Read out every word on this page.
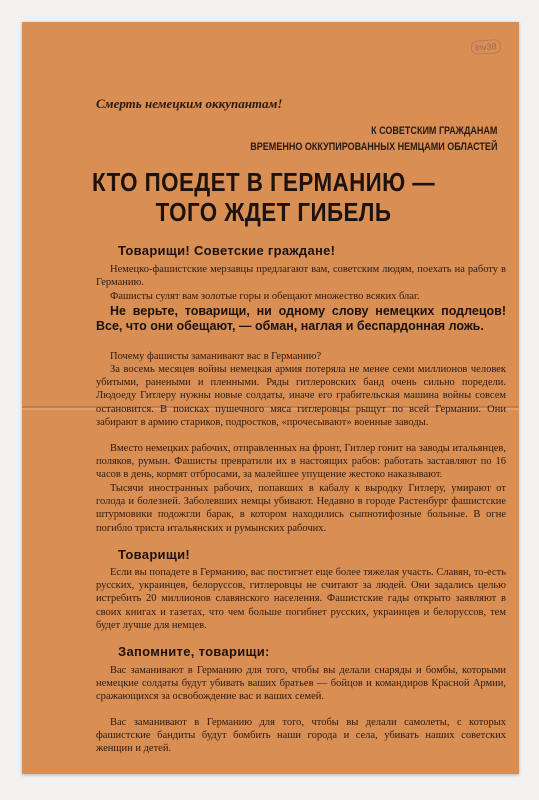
lnv38
Смерть немецким оккупантам!
К СОВЕТСКИМ ГРАЖДАНАМ
ВРЕМЕННО ОККУПИРОВАННЫХ НЕМЦАМИ ОБЛАСТЕЙ
КТО ПОЕДЕТ В ГЕРМАНИЮ —
ТОГО ЖДЕТ ГИБЕЛЬ
Товарищи! Советские граждане!

Немецко-фашистские мерзавцы предлагают вам, советским людям, поехать на работу в Германию.

Фашисты сулят вам золотые горы и обещают множество всяких благ.

Не верьте, товарищи, ни одному слову немецких подлецов! Все, что они обещают, — обман, наглая и беспардонная ложь.

Почему фашисты заманивают вас в Германию?

За восемь месяцев войны немецкая армия потеряла не менее семи миллионов человек убитыми, ранеными и пленными. Ряды гитлеровских банд очень сильно поредели. Людоеду Гитлеру нужны новые солдаты, иначе его грабительская машина войны совсем остановится. В поисках пушечного мяса гитлеровцы рыщут по всей Германии. Они забирают в армию стариков, подростков, «прочесывают» военные заводы.

Вместо немецких рабочих, отправленных на фронт, Гитлер гонит на заводы итальянцев, поляков, румын. Фашисты превратили их в настоящих рабов: работать заставляют по 16 часов в день, кормят отбросами, за малейшее упущение жестоко наказывают.

Тысячи иностранных рабочих, попавших в кабалу к выродку Гитлеру, умирают от голода и болезней. Заболевших немцы убивают. Недавно в городе Растенбург фашистские штурмовики подожгли барак, в котором находились сыпнотифозные больные. В огне погибло триста итальянских и румынских рабочих.

Товарищи!

Если вы попадете в Германию, вас постигнет еще более тяжелая участь. Славян, то-есть русских, украинцев, белоруссов, гитлеровцы не считают за людей. Они задались целью истребить 20 миллионов славянского населения. Фашистские гады открыто заявляют в своих книгах и газетах, что чем больше погибнет русских, украинцев и белоруссов, тем будет лучше для немцев.

Запомните, товарищи:

Вас заманивают в Германию для того, чтобы вы делали снаряды и бомбы, которыми немецкие солдаты будут убивать ваших братьев — бойцов и командиров Красной Армии, сражающихся за освобождение вас и ваших семей.

Вас заманивают в Германию для того, чтобы вы делали самолеты, с которых фашистские бандиты будут бомбить наши города и села, убивать наших советских женщин и детей.
